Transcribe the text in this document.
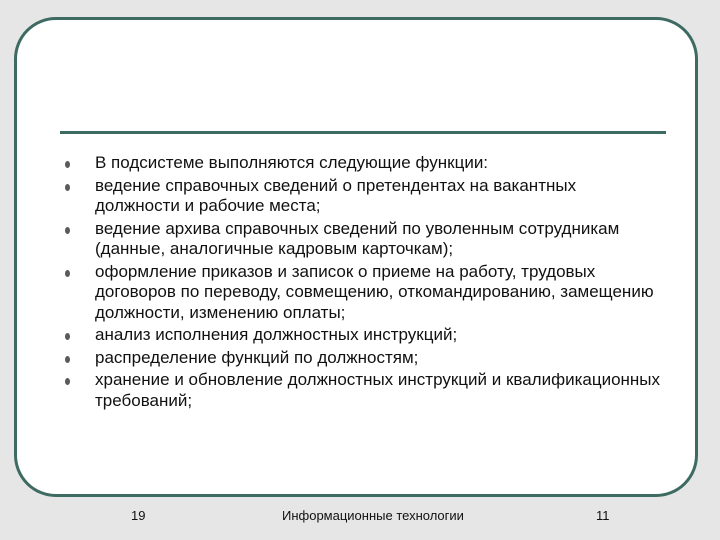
В подсистеме выполняются следующие функции:
ведение справочных сведений о претендентах на вакантных должности и рабочие места;
ведение архива справочных сведений по уволенным сотрудникам (данные, аналогичные кадровым карточкам);
оформление приказов и записок о приеме на работу, трудовых договоров по переводу, совмещению, откомандированию, замещению должности, изменению оплаты;
анализ исполнения должностных инструкций;
распределение функций по должностям;
хранение и обновление должностных инструкций и квалификационных требований;
19	Информационные технологии	11
